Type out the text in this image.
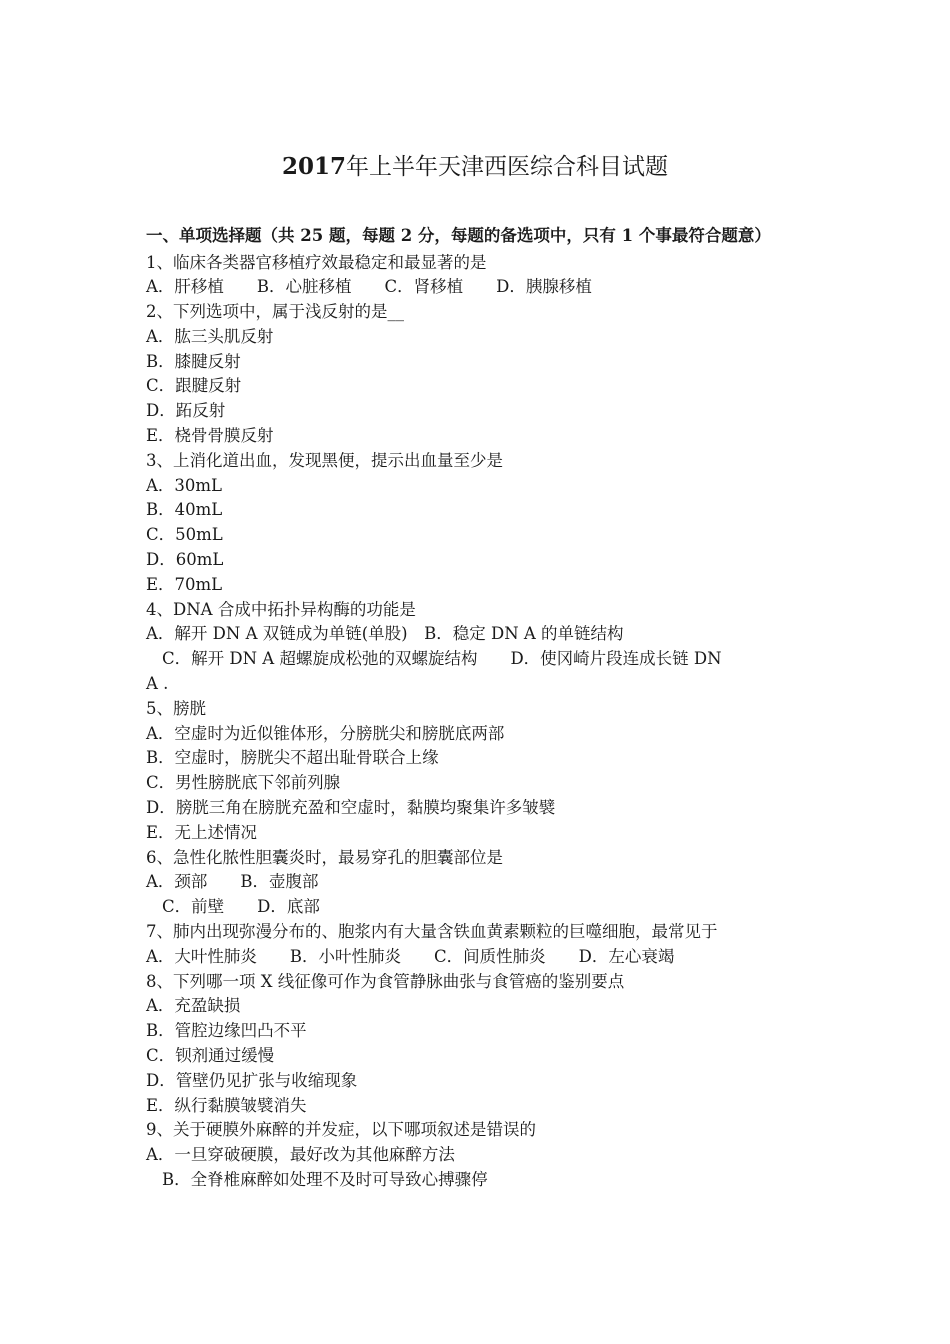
2017年上半年天津西医综合科目试题
一、单项选择题（共 25 题，每题 2 分，每题的备选项中，只有 1 个事最符合题意）
1、临床各类器官移植疗效最稳定和最显著的是
A．肝移植　　B．心脏移植　　C．肾移植　　D．胰腺移植
2、下列选项中，属于浅反射的是__
A．肱三头肌反射
B．膝腱反射
C．跟腱反射
D．跖反射
E．桡骨骨膜反射
3、上消化道出血，发现黑便，提示出血量至少是
A．30mL
B．40mL
C．50mL
D．60mL
E．70mL
4、DNA 合成中拓扑异构酶的功能是
A．解开 DN A 双链成为单链(单股)　B．稳定 DN A 的单链结构
C．解开 DN A 超螺旋成松弛的双螺旋结构　　D．使冈崎片段连成长链 DN
A .
5、膀胱
A．空虚时为近似锥体形，分膀胱尖和膀胱底两部
B．空虚时，膀胱尖不超出耻骨联合上缘
C．男性膀胱底下邻前列腺
D．膀胱三角在膀胱充盈和空虚时，黏膜均聚集许多皱襞
E．无上述情况
6、急性化脓性胆囊炎时，最易穿孔的胆囊部位是
A．颈部　　B．壶腹部
C．前壁　　D．底部
7、肺内出现弥漫分布的、胞浆内有大量含铁血黄素颗粒的巨噬细胞，最常见于
A．大叶性肺炎　　B．小叶性肺炎　　C．间质性肺炎　　D．左心衰竭
8、下列哪一项 X 线征像可作为食管静脉曲张与食管癌的鉴别要点
A．充盈缺损
B．管腔边缘凹凸不平
C．钡剂通过缓慢
D．管壁仍见扩张与收缩现象
E．纵行黏膜皱襞消失
9、关于硬膜外麻醉的并发症，以下哪项叙述是错误的
A．一旦穿破硬膜，最好改为其他麻醉方法
B．全脊椎麻醉如处理不及时可导致心搏骤停
